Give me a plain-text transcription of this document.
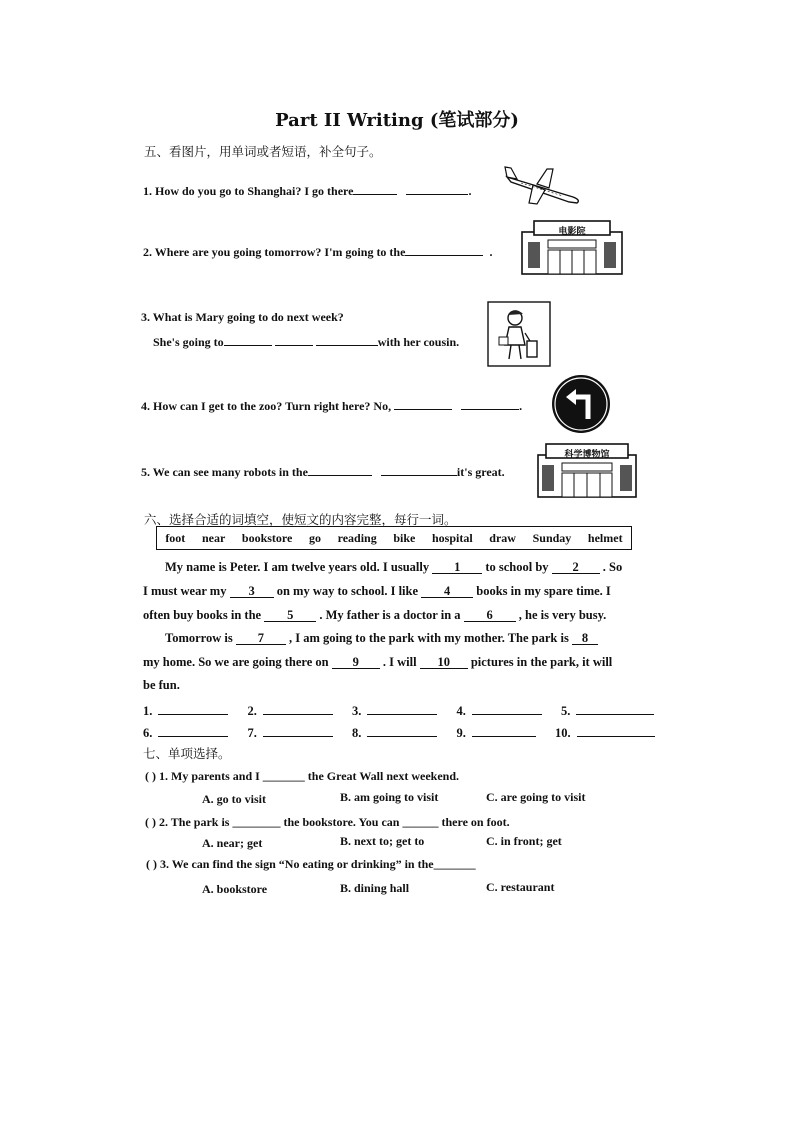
Part II Writing (笔试部分)
五、看图片，用单词或者短语，补全句子。
1. How do you go to Shanghai? I go there	.
2. Where are you going tomorrow? I'm going to the	.
3. What is Mary going to do next week?
She's going to	with her cousin.
4. How can I get to the zoo? Turn right here? No,	.
5. We can see many robots in the	it's great.
电影院
科学博物馆
六、选择合适的词填空，使短文的内容完整，每行一词。
foot near bookstore go reading bike hospital draw Sunday helmet
My name is Peter. I am twelve years old. I usually 1 to school by 2 . So
I must wear my 3 on my way to school. I like 4 books in my spare time. I
often buy books in the 5 . My father is a doctor in a 6 , he is very busy.
Tomorrow is 7 , I am going to the park with my mother. The park is 8
my home. So we are going there on 9 . I will 10 pictures in the park, it will
be fun.
1.	2.	3.	4.	5.
6.	7.	8.	9.	10.
七、单项选择。
( ) 1. My parents and I _______ the Great Wall next weekend.
A. go to visit	B. am going to visit	C. are going to visit
( ) 2. The park is ________ the bookstore. You can ______ there on foot.
A. near; get	B. next to; get to	C. in front; get
( ) 3. We can find the sign “No eating or drinking” in the_______
A. bookstore	B. dining hall	C. restaurant
